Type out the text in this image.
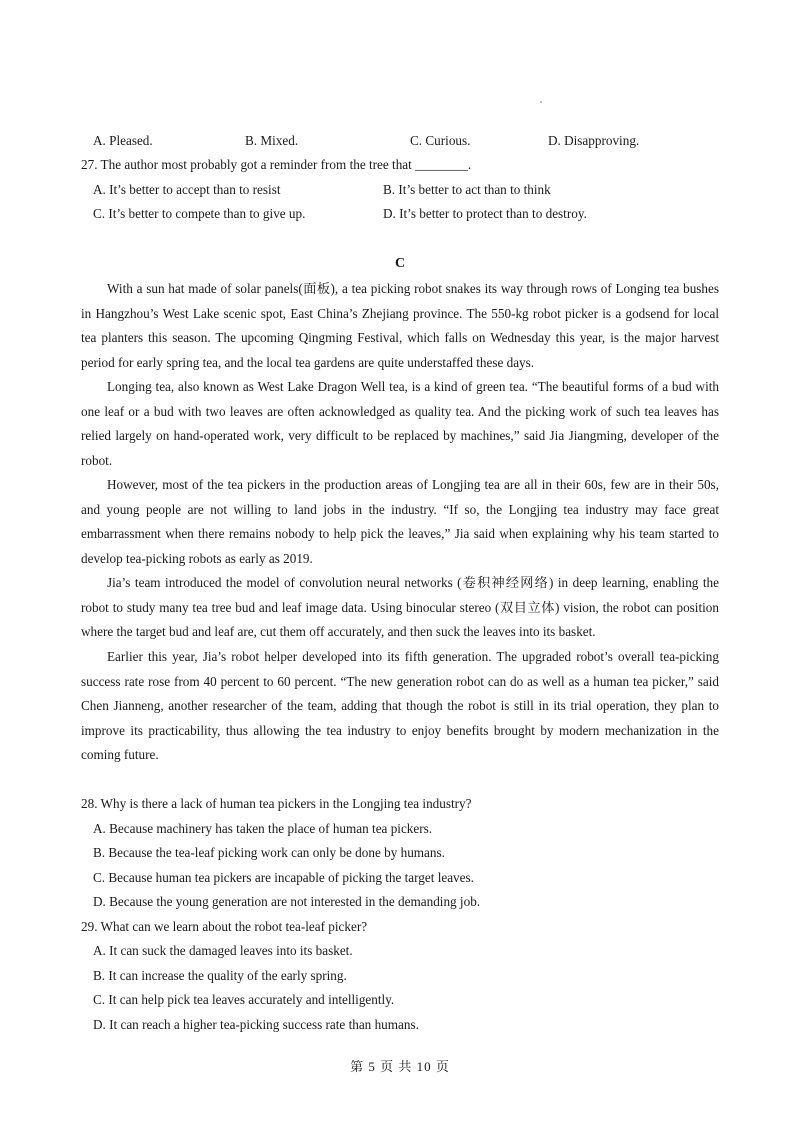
A. Pleased.	B. Mixed.	C. Curious.	D. Disapproving.
27. The author most probably got a reminder from the tree that ________.
A. It’s better to accept than to resist	B. It’s better to act than to think
C. It’s better to compete than to give up.	D. It’s better to protect than to destroy.
C
With a sun hat made of solar panels(面板), a tea picking robot snakes its way through rows of Longing tea bushes in Hangzhou’s West Lake scenic spot, East China’s Zhejiang province. The 550-kg robot picker is a godsend for local tea planters this season. The upcoming Qingming Festival, which falls on Wednesday this year, is the major harvest period for early spring tea, and the local tea gardens are quite understaffed these days.
Longing tea, also known as West Lake Dragon Well tea, is a kind of green tea. “The beautiful forms of a bud with one leaf or a bud with two leaves are often acknowledged as quality tea. And the picking work of such tea leaves has relied largely on hand-operated work, very difficult to be replaced by machines,” said Jia Jiangming, developer of the robot.
However, most of the tea pickers in the production areas of Longjing tea are all in their 60s, few are in their 50s, and young people are not willing to land jobs in the industry. “If so, the Longjing tea industry may face great embarrassment when there remains nobody to help pick the leaves,” Jia said when explaining why his team started to develop tea-picking robots as early as 2019.
Jia’s team introduced the model of convolution neural networks (卷积神经网络) in deep learning, enabling the robot to study many tea tree bud and leaf image data. Using binocular stereo (双目立体) vision, the robot can position where the target bud and leaf are, cut them off accurately, and then suck the leaves into its basket.
Earlier this year, Jia’s robot helper developed into its fifth generation. The upgraded robot’s overall tea-picking success rate rose from 40 percent to 60 percent. “The new generation robot can do as well as a human tea picker,” said Chen Jianneng, another researcher of the team, adding that though the robot is still in its trial operation, they plan to improve its practicability, thus allowing the tea industry to enjoy benefits brought by modern mechanization in the coming future.
28. Why is there a lack of human tea pickers in the Longjing tea industry?
A. Because machinery has taken the place of human tea pickers.
B. Because the tea-leaf picking work can only be done by humans.
C. Because human tea pickers are incapable of picking the target leaves.
D. Because the young generation are not interested in the demanding job.
29. What can we learn about the robot tea-leaf picker?
A. It can suck the damaged leaves into its basket.
B. It can increase the quality of the early spring.
C. It can help pick tea leaves accurately and intelligently.
D. It can reach a higher tea-picking success rate than humans.
第 5 页 共 10 页
